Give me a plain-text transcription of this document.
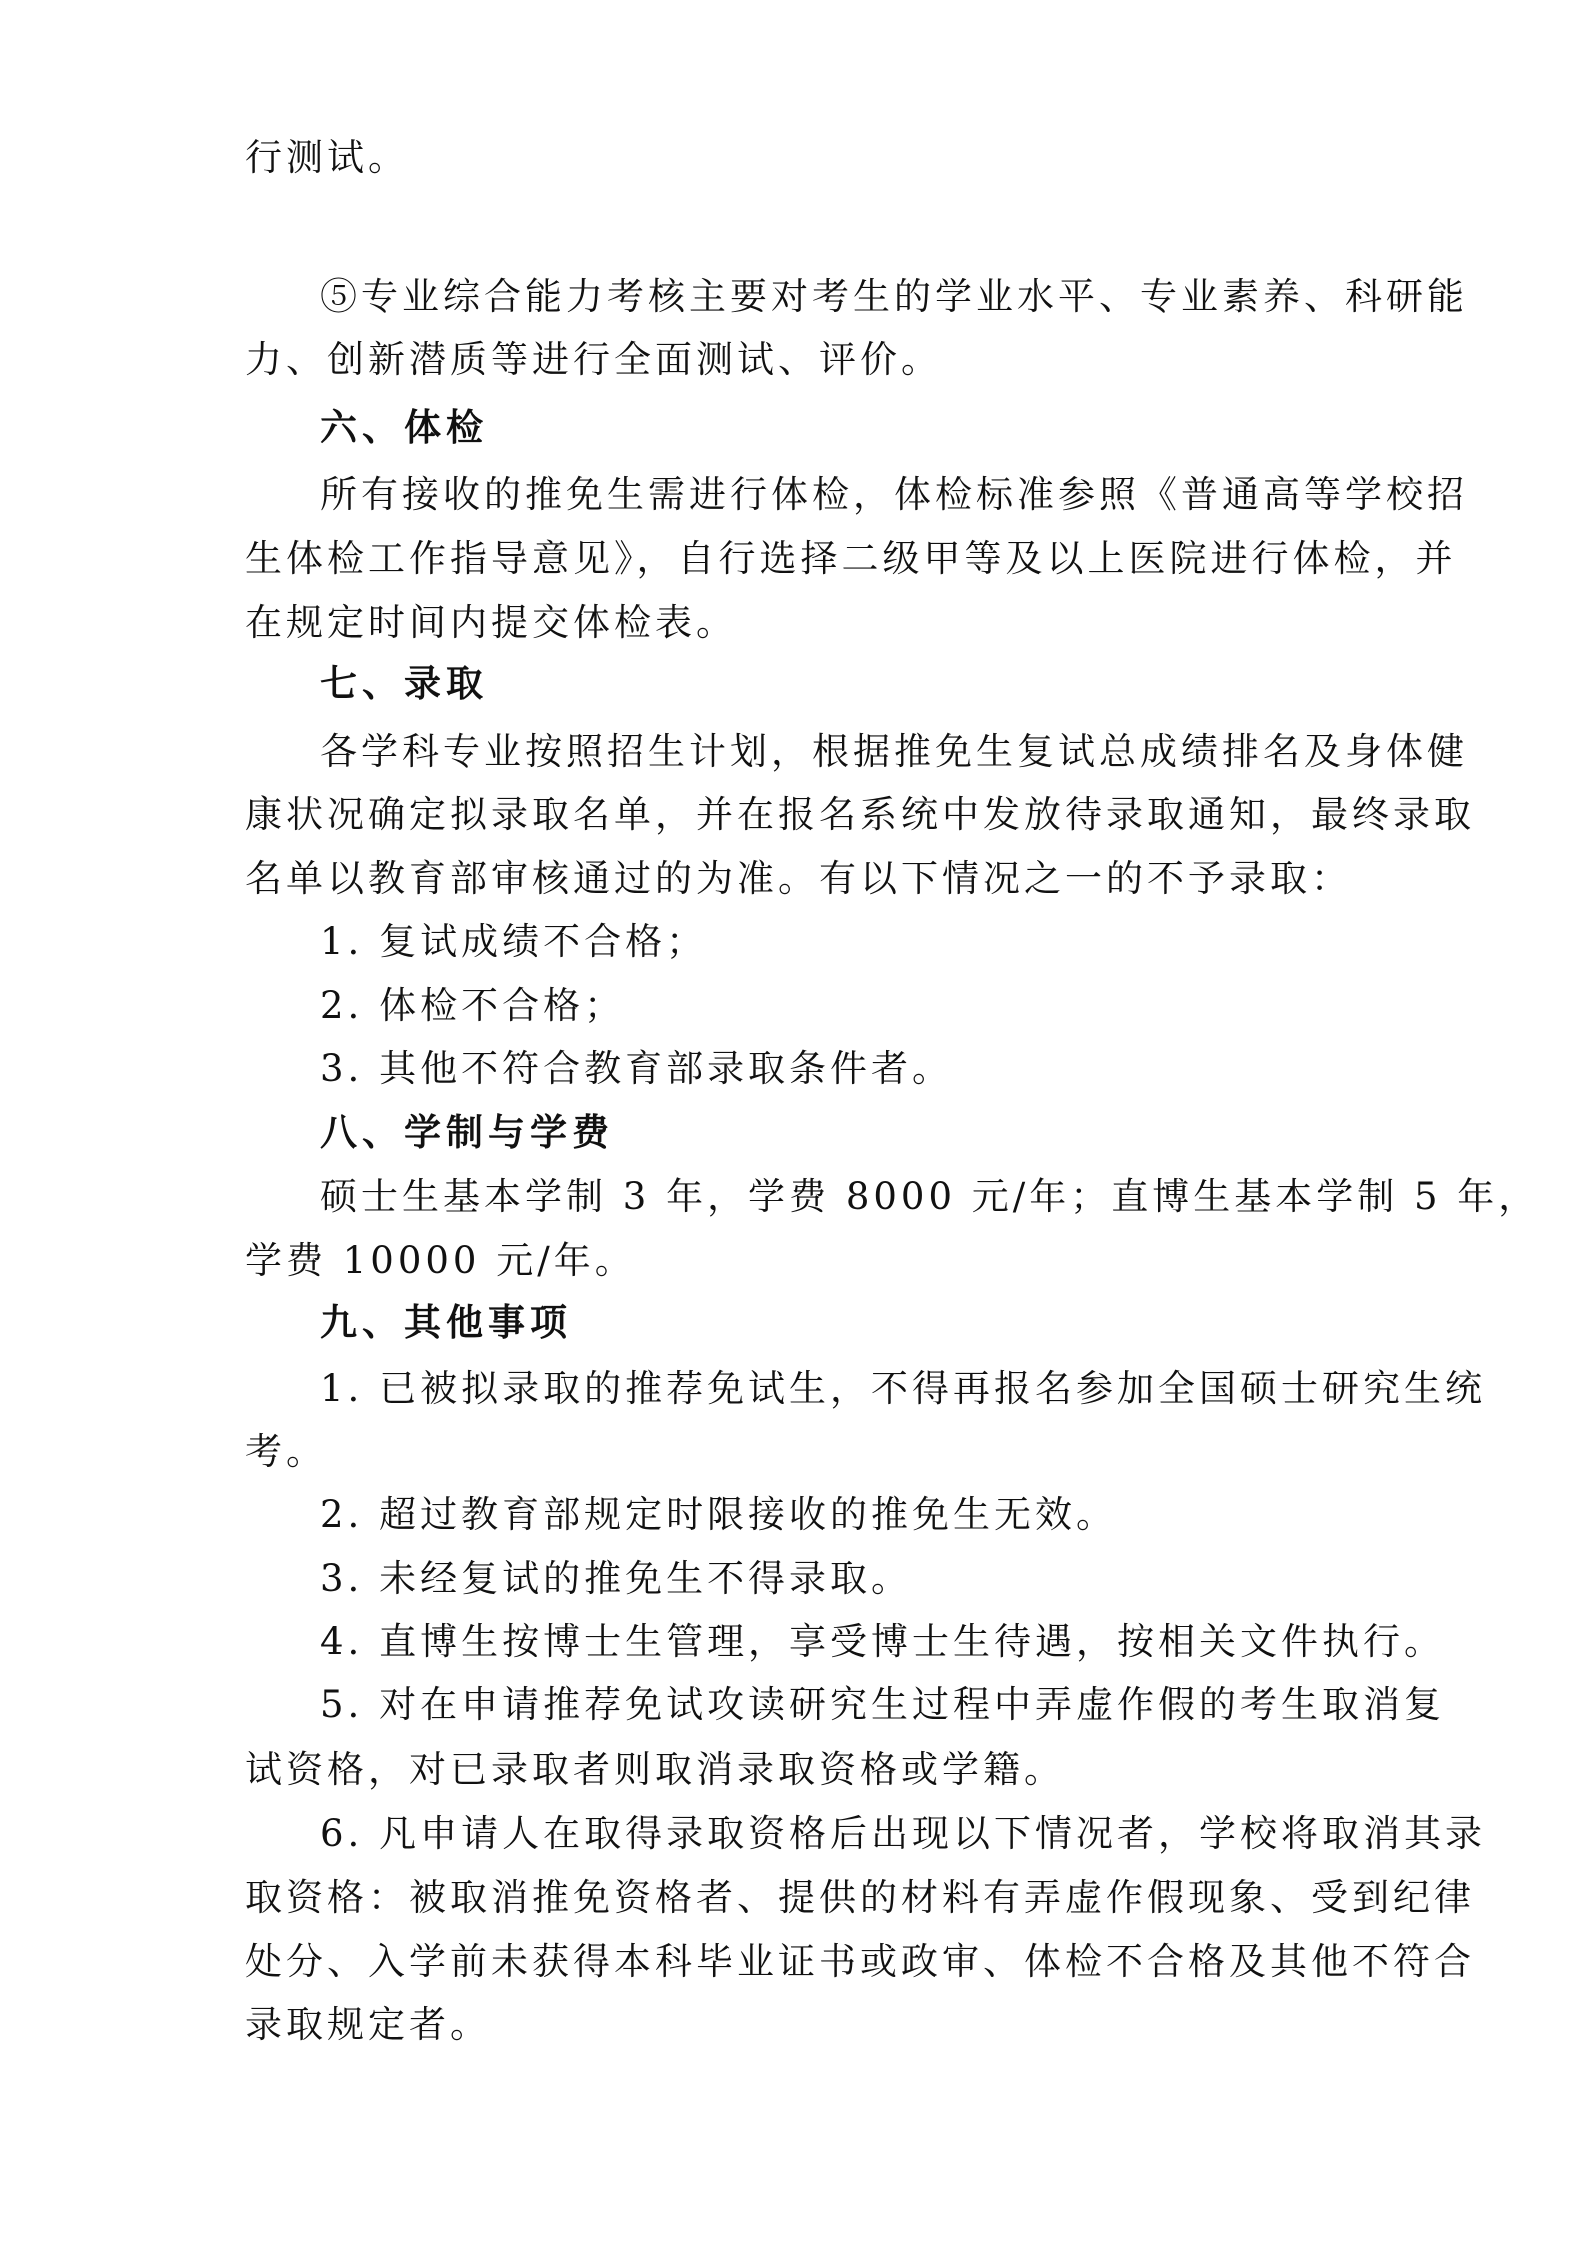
行测试。
⑤专业综合能力考核主要对考生的学业水平、专业素养、科研能
力、创新潜质等进行全面测试、评价。
六、体检
所有接收的推免生需进行体检，体检标准参照《普通高等学校招
生体检工作指导意见》，自行选择二级甲等及以上医院进行体检，并
在规定时间内提交体检表。
七、录取
各学科专业按照招生计划，根据推免生复试总成绩排名及身体健
康状况确定拟录取名单，并在报名系统中发放待录取通知，最终录取
名单以教育部审核通过的为准。有以下情况之一的不予录取：
1. 复试成绩不合格；
2. 体检不合格；
3. 其他不符合教育部录取条件者。
八、学制与学费
硕士生基本学制 3 年，学费 8000 元/年；直博生基本学制 5 年，
学费 10000 元/年。
九、其他事项
1. 已被拟录取的推荐免试生，不得再报名参加全国硕士研究生统
考。
2. 超过教育部规定时限接收的推免生无效。
3. 未经复试的推免生不得录取。
4. 直博生按博士生管理，享受博士生待遇，按相关文件执行。
5. 对在申请推荐免试攻读研究生过程中弄虚作假的考生取消复
试资格，对已录取者则取消录取资格或学籍。
6. 凡申请人在取得录取资格后出现以下情况者，学校将取消其录
取资格：被取消推免资格者、提供的材料有弄虚作假现象、受到纪律
处分、入学前未获得本科毕业证书或政审、体检不合格及其他不符合
录取规定者。
